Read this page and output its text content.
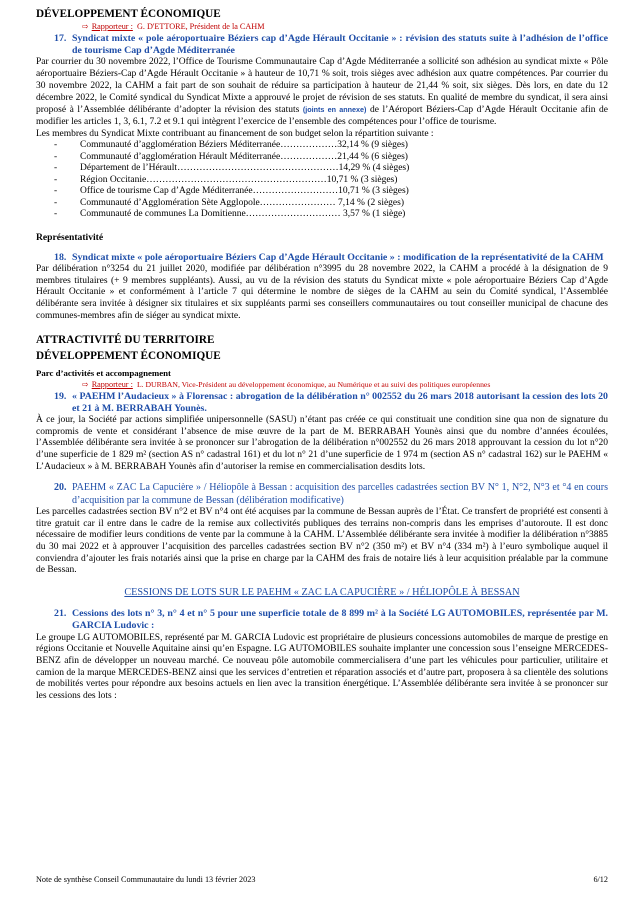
DÉVELOPPEMENT ÉCONOMIQUE

⇨ Rapporteur : G. D'ETTORE, Président de la CAHM
17. Syndicat mixte « pole aéroportuaire Béziers cap d’Agde Hérault Occitanie » : révision des statuts suite à l’adhésion de l’office de tourisme Cap d’Agde Méditerranée

Par courrier du 30 novembre 2022, l’Office de Tourisme Communautaire Cap d’Agde Méditerranée a sollicité son adhésion au syndicat mixte « Pôle aéroportuaire Béziers-Cap d’Agde Hérault Occitanie » à hauteur de 10,71 % soit, trois sièges avec adhésion aux quatre compétences. Par courrier du 30 novembre 2022, la CAHM a fait part de son souhait de réduire sa participation à hauteur de 21,44 % soit, six sièges. Dès lors, en date du 12 décembre 2022, le Comité syndical du Syndicat Mixte a approuvé le projet de révision de ses statuts. En qualité de membre du syndicat, il sera ainsi proposé à l’Assemblée délibérante d’adopter la révision des statuts (joints en annexe) de l’Aéroport Béziers-Cap d’Agde Hérault Occitanie afin de modifier les articles 1, 3, 6.1, 7.2 et 9.1 qui intègrent l’exercice de l’ensemble des compétences pour l’office de tourisme.

Les membres du Syndicat Mixte contribuant au financement de son budget selon la répartition suivante :

-	Communauté d’agglomération Béziers Méditerranée………………32,14 % (9 sièges)
-	Communauté d’agglomération Hérault Méditerranée………………21,44 % (6 sièges)
-	Département de l’Hérault……………………………………………14,29 % (4 sièges)
-	Région Occitanie…………………………………………………10,71 % (3 sièges)
-	Office de tourisme Cap d’Agde Méditerranée………………………10,71 % (3 sièges)
-	Communauté d’Agglomération Sète Agglopole…………………… 7,14 % (2 sièges)
-	Communauté de communes La Domitienne………………………… 3,57 % (1 siège)

Représentativité

18. Syndicat mixte « pole aéroportuaire Béziers Cap d’Agde Hérault Occitanie » : modification de la représentativité de la CAHM

Par délibération n°3254 du 21 juillet 2020, modifiée par délibération n°3995 du 28 novembre 2022, la CAHM a procédé à la désignation de 9 membres titulaires (+ 9 membres suppléants). Aussi, au vu de la révision des statuts du Syndicat mixte « pole aéroportuaire Béziers Cap d’Agde Hérault Occitanie » et conformément à l’article 7 qui détermine le nombre de sièges de la CAHM au sein du Comité syndical, l’Assemblée délibérante sera invitée à désigner six titulaires et six suppléants parmi ses conseillers communautaires ou tout conseiller municipal de chacune des communes-membres afin de siéger au syndicat mixte.

ATTRACTIVITÉ DU TERRITOIRE

DÉVELOPPEMENT ÉCONOMIQUE

Parc d’activités et accompagnement

⇨ Rapporteur : L. DURBAN, Vice-Président au développement économique, au Numérique et au suivi des politiques européennes
19. « PAEHM l’Audacieux » à Florensac : abrogation de la délibération n° 002552 du 26 mars 2018 autorisant la cession des lots 20 et 21 à M. BERRABAH Younès.

À ce jour, la Société par actions simplifiée unipersonnelle (SASU) n’étant pas créée ce qui constituait une condition sine qua non de signature du compromis de vente et considérant l’absence de mise œuvre de la part de M. BERRABAH Younès ainsi que du nombre d’années écoulées, l’Assemblée délibérante sera invitée à se prononcer sur l’abrogation de la délibération n°002552 du 26 mars 2018 approuvant la cession du lot n°20 d’une superficie de 1 829 m² (section AS n° cadastral 161) et du lot n° 21 d’une superficie de 1 974 m (section AS n° cadastral 162) sur le PAEHM « L’Audacieux » à M. BERRABAH Younès afin d’autoriser la remise en commercialisation desdits lots.

20. PAEHM « ZAC La Capucière » / Héliopôle à Bessan : acquisition des parcelles cadastrées section BV N° 1, N°2, N°3 et °4 en cours d’acquisition par la commune de Bessan (délibération modificative)

Les parcelles cadastrées section BV n°2 et BV n°4 ont été acquises par la commune de Bessan auprès de l’État. Ce transfert de propriété est consenti à titre gratuit car il entre dans le cadre de la remise aux collectivités publiques des terrains non-compris dans les emprises d’autoroute. Il est donc nécessaire de modifier leurs conditions de vente par la commune à la CAHM. L’Assemblée délibérante sera invitée à modifier la délibération n°3885 du 30 mai 2022 et à approuver l’acquisition des parcelles cadastrées section BV n°2 (350 m²) et BV n°4 (334 m²) à l’euro symbolique auquel il conviendra d’ajouter les frais notariés ainsi que la prise en charge par la CAHM des frais de notaire liés à leur acquisition préalable par la commune de Bessan.

CESSIONS DE LOTS SUR LE PAEHM « ZAC LA CAPUCIÈRE » / HÉLIOPÔLE À BESSAN

21. Cessions des lots n° 3, n° 4 et n° 5 pour une superficie totale de 8 899 m² à la Société LG AUTOMOBILES, représentée par M. GARCIA Ludovic :

Le groupe LG AUTOMOBILES, représenté par M. GARCIA Ludovic est propriétaire de plusieurs concessions automobiles de marque de prestige en régions Occitanie et Nouvelle Aquitaine ainsi qu’en Espagne. LG AUTOMOBILES souhaite implanter une concession sous l’enseigne MERCEDES-BENZ afin de développer un nouveau marché. Ce nouveau pôle automobile commercialisera d’une part les véhicules pour particulier, utilitaire et camion de la marque MERCEDES-BENZ ainsi que les services d’entretien et réparation associés et d’autre part, proposera à sa clientèle des solutions de mobilités vertes pour répondre aux besoins actuels en lien avec la transition énergétique. L’Assemblée délibérante sera invitée à se prononcer sur les cessions des lots :

Note de synthèse Conseil Communautaire du lundi 13 février 2023	6/12
